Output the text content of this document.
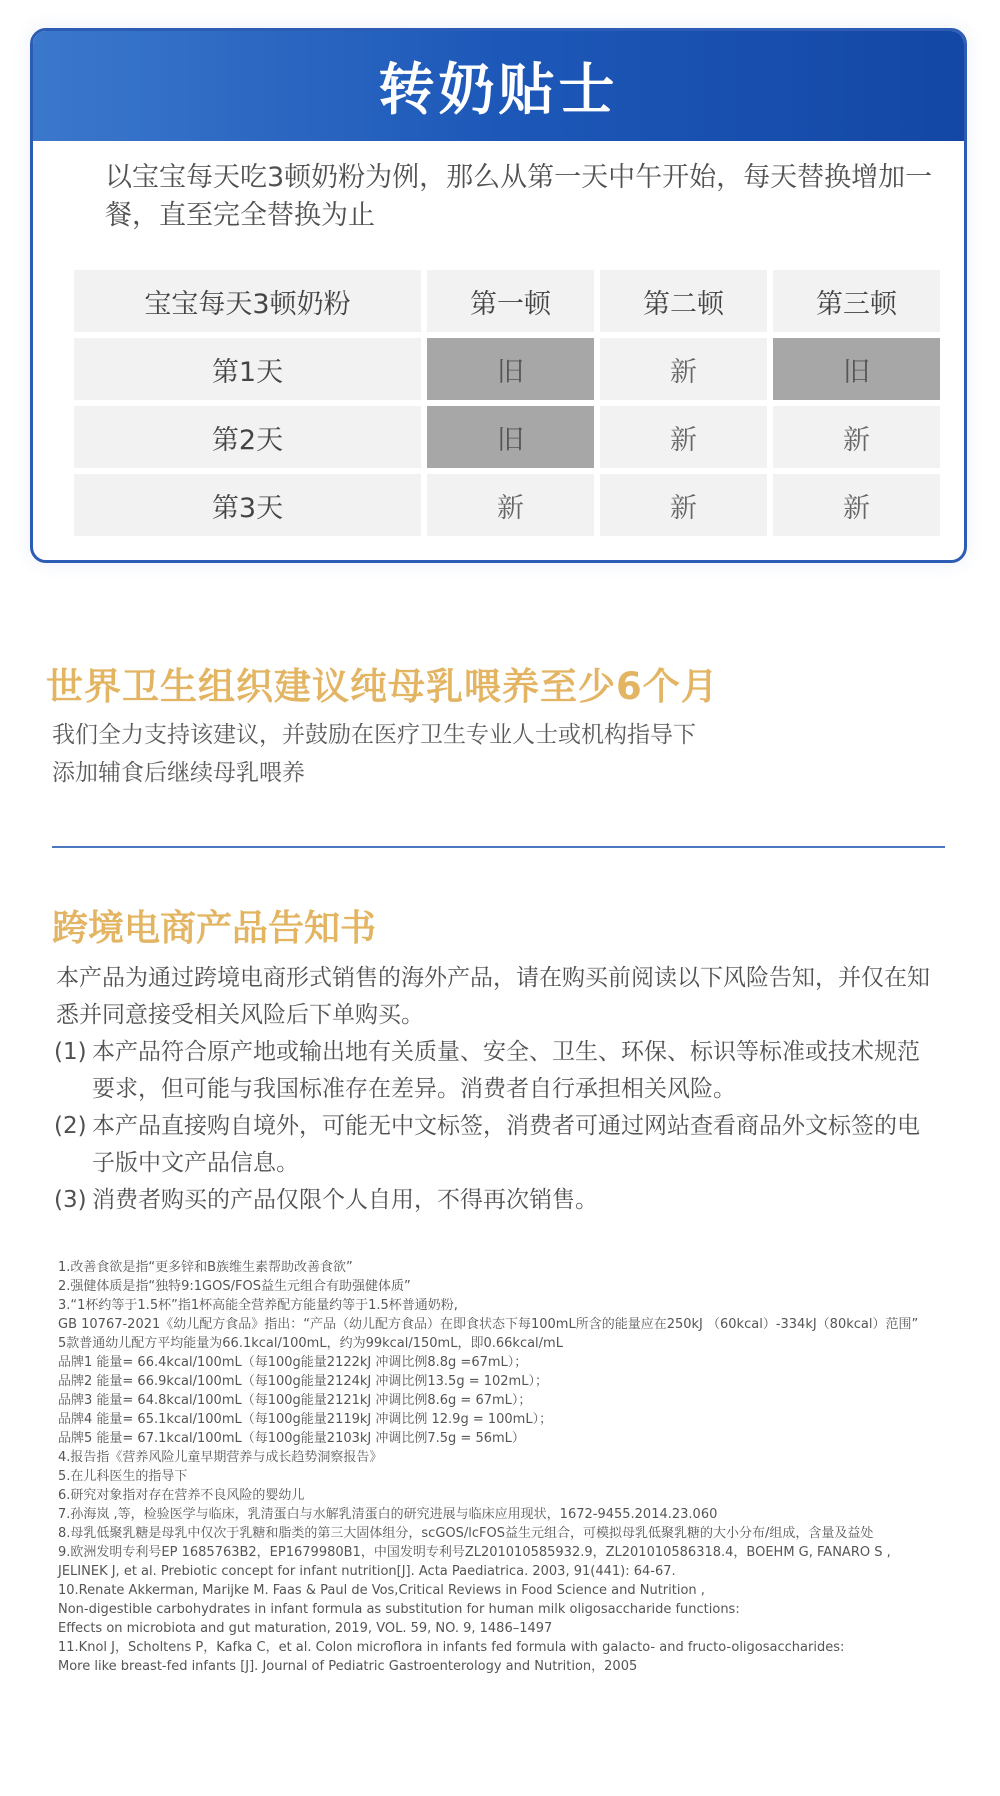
转奶贴士
以宝宝每天吃3顿奶粉为例，那么从第一天中午开始，每天替换增加一餐，直至完全替换为止
宝宝每天3顿奶粉	第一顿	第二顿	第三顿
第1天	旧	新	旧
第2天	旧	新	新
第3天	新	新	新
世界卫生组织建议纯母乳喂养至少6个月
我们全力支持该建议，并鼓励在医疗卫生专业人士或机构指导下
添加辅食后继续母乳喂养
跨境电商产品告知书
本产品为通过跨境电商形式销售的海外产品，请在购买前阅读以下风险告知，并仅在知悉并同意接受相关风险后下单购买。
(1) 本产品符合原产地或输出地有关质量、安全、卫生、环保、标识等标准或技术规范要求，但可能与我国标准存在差异。消费者自行承担相关风险。
(2) 本产品直接购自境外，可能无中文标签，消费者可通过网站查看商品外文标签的电子版中文产品信息。
(3) 消费者购买的产品仅限个人自用，不得再次销售。
1.改善食欲是指“更多锌和B族维生素帮助改善食欲”
2.强健体质是指“独特9:1GOS/FOS益生元组合有助强健体质”
3.“1杯约等于1.5杯”指1杯高能全营养配方能量约等于1.5杯普通奶粉,
GB 10767-2021《幼儿配方食品》指出：“产品（幼儿配方食品）在即食状态下每100mL所含的能量应在250kJ （60kcal）-334kJ（80kcal）范围”
5款普通幼儿配方平均能量为66.1kcal/100mL，约为99kcal/150mL，即0.66kcal/mL
品牌1 能量= 66.4kcal/100mL（每100g能量2122kJ 冲调比例8.8g =67mL）；
品牌2 能量= 66.9kcal/100mL（每100g能量2124kJ 冲调比例13.5g = 102mL）；
品牌3 能量= 64.8kcal/100mL（每100g能量2121kJ 冲调比例8.6g = 67mL）；
品牌4 能量= 65.1kcal/100mL（每100g能量2119kJ 冲调比例 12.9g = 100mL）；
品牌5 能量= 67.1kcal/100mL（每100g能量2103kJ 冲调比例7.5g = 56mL）
4.报告指《营养风险儿童早期营养与成长趋势洞察报告》
5.在儿科医生的指导下
6.研究对象指对存在营养不良风险的婴幼儿
7.孙海岚 ,等，检验医学与临床，乳清蛋白与水解乳清蛋白的研究进展与临床应用现状，1672-9455.2014.23.060
8.母乳低聚乳糖是母乳中仅次于乳糖和脂类的第三大固体组分，scGOS/lcFOS益生元组合，可模拟母乳低聚乳糖的大小分布/组成，含量及益处
9.欧洲发明专利号EP 1685763B2，EP1679980B1，中国发明专利号ZL201010585932.9，ZL201010586318.4，BOEHM G, FANARO S ,
JELINEK J, et al. Prebiotic concept for infant nutrition[J]. Acta Paediatrica. 2003, 91(441): 64-67.
10.Renate Akkerman, Marijke M. Faas & Paul de Vos,Critical Reviews in Food Science and Nutrition ,
Non-digestible carbohydrates in infant formula as substitution for human milk oligosaccharide functions:
Effects on microbiota and gut maturation, 2019, VOL. 59, NO. 9, 1486–1497
11.Knol J，Scholtens P，Kafka C，et al. Colon microflora in infants fed formula with galacto- and fructo-oligosaccharides:
More like breast-fed infants [J]. Journal of Pediatric Gastroenterology and Nutrition，2005
